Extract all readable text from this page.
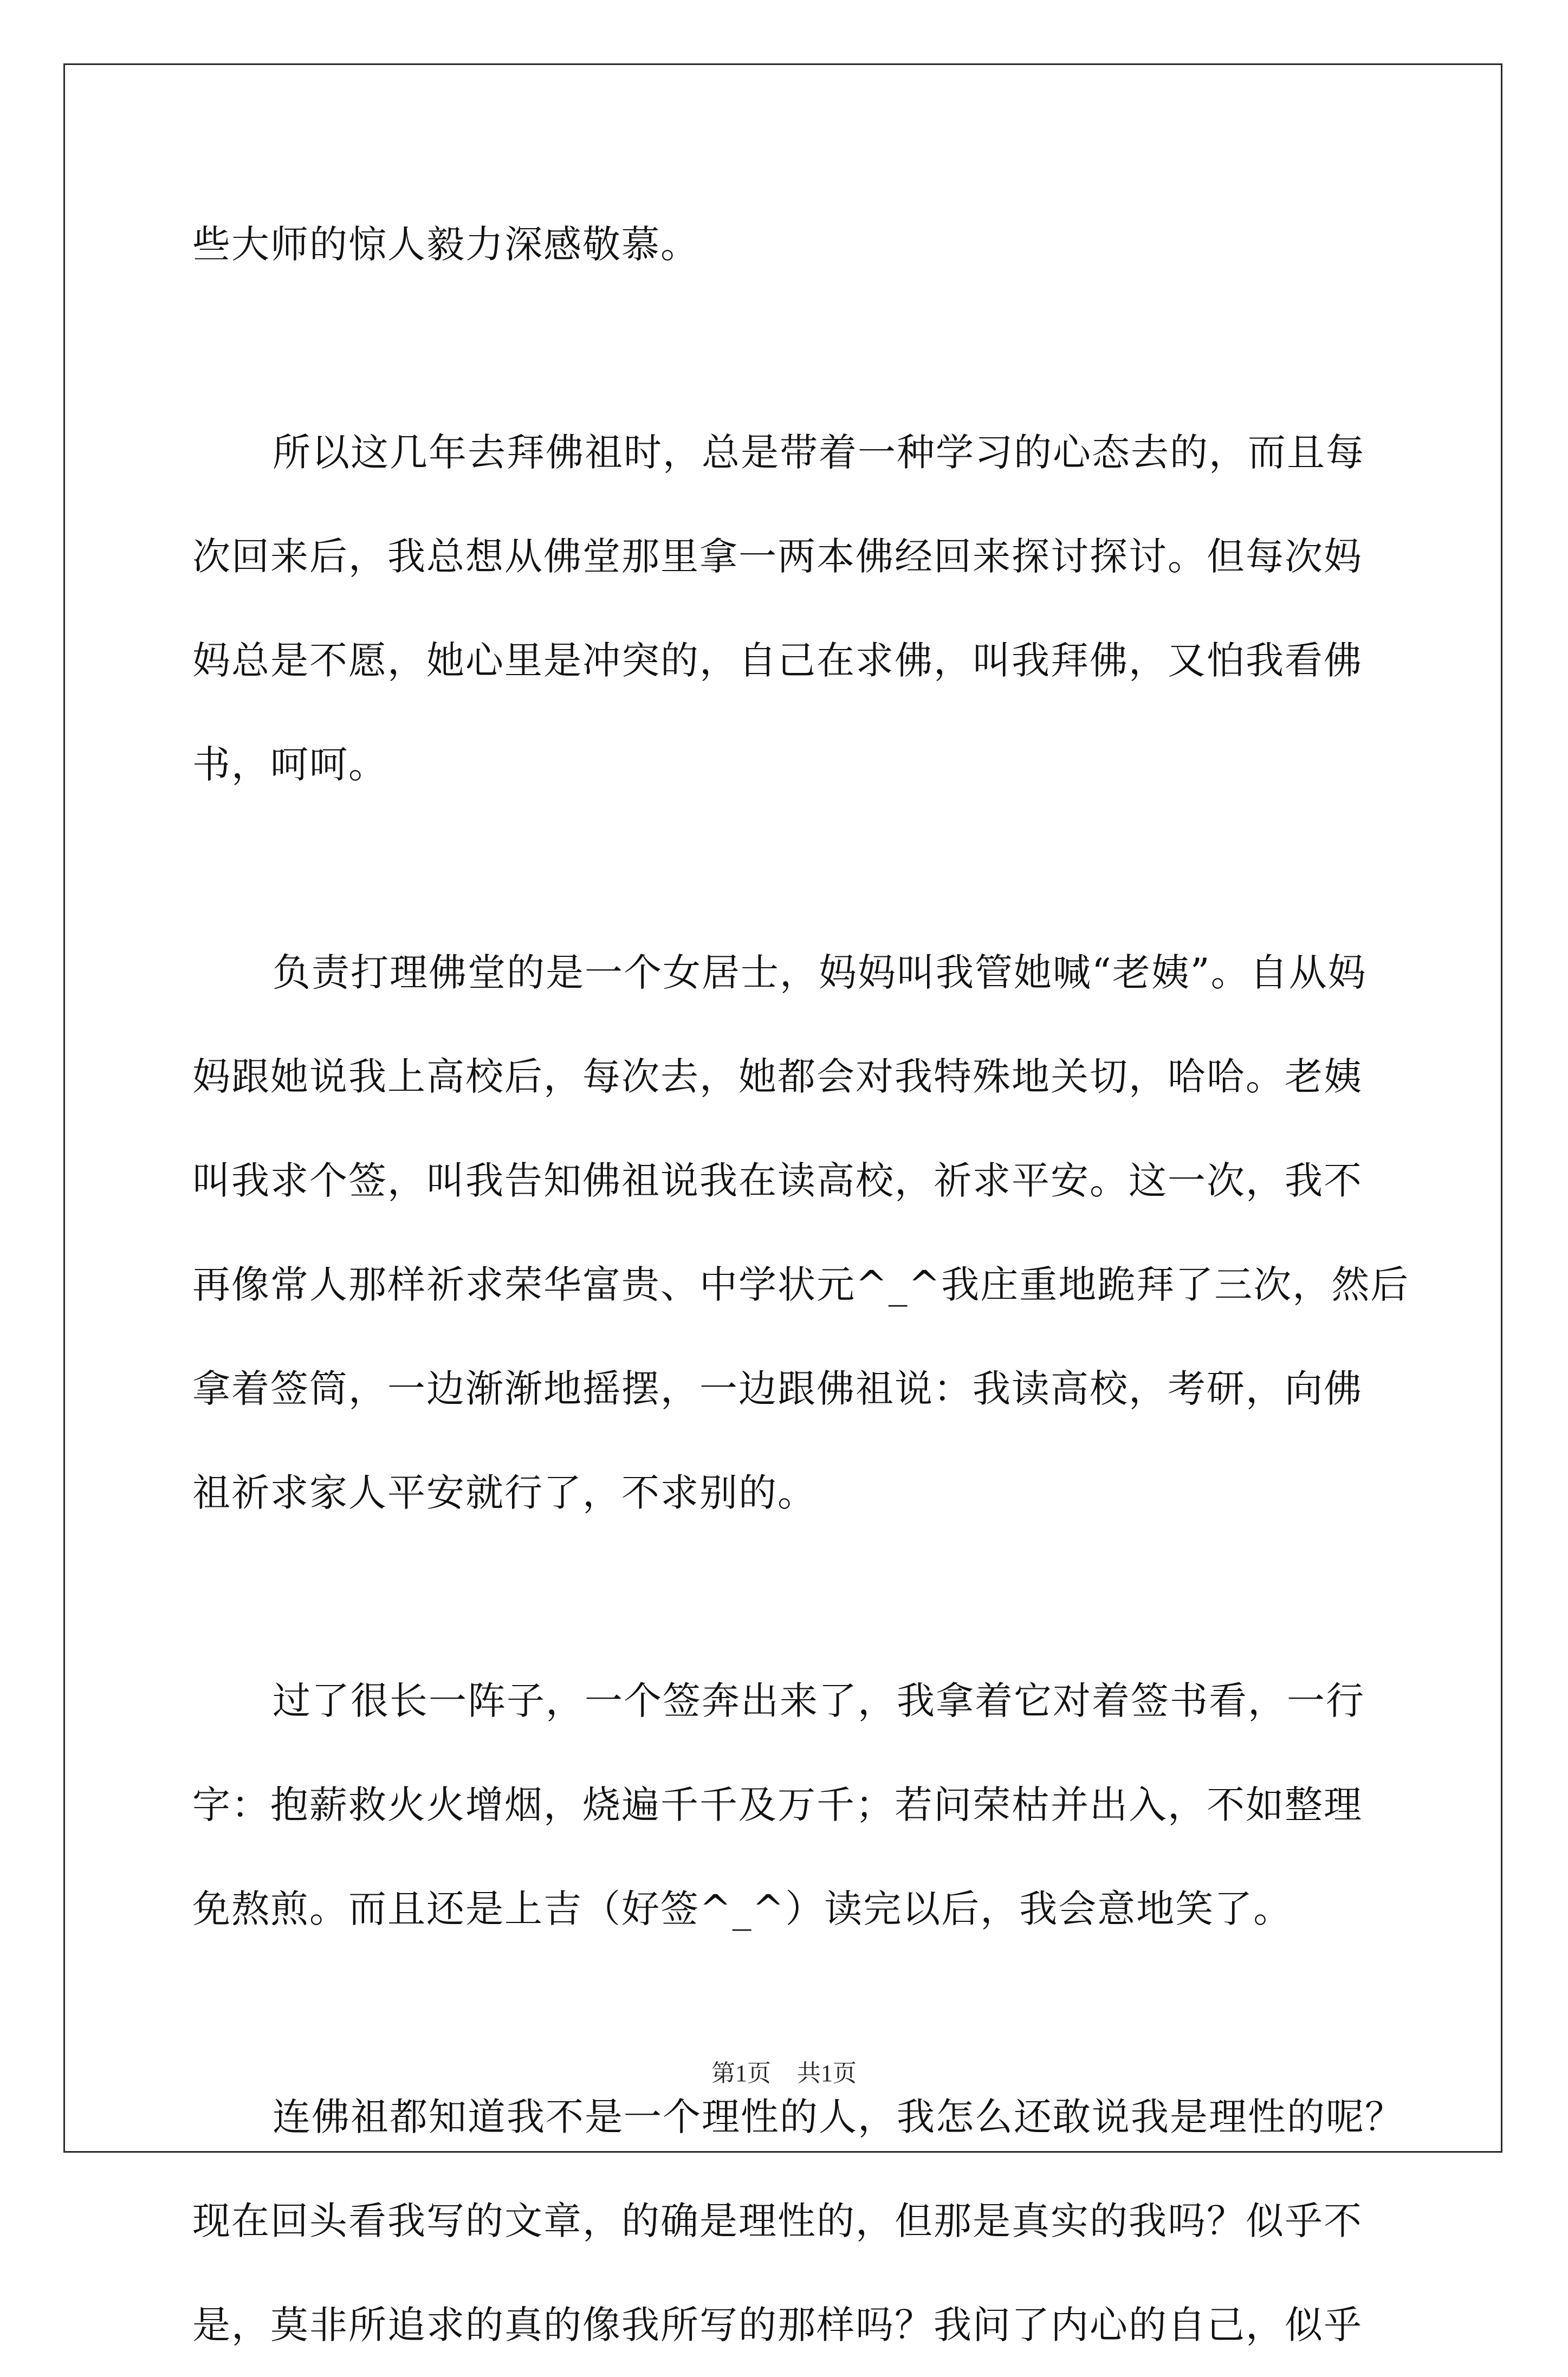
些大师的惊人毅力深感敬慕。
所以这几年去拜佛祖时，总是带着一种学习的心态去的，而且每
次回来后，我总想从佛堂那里拿一两本佛经回来探讨探讨。但每次妈
妈总是不愿，她心里是冲突的，自己在求佛，叫我拜佛，又怕我看佛
书，呵呵。
负责打理佛堂的是一个女居士，妈妈叫我管她喊“老姨”。自从妈
妈跟她说我上高校后，每次去，她都会对我特殊地关切，哈哈。老姨
叫我求个签，叫我告知佛祖说我在读高校，祈求平安。这一次，我不
再像常人那样祈求荣华富贵、中学状元^_^我庄重地跪拜了三次，然后
拿着签筒，一边渐渐地摇摆，一边跟佛祖说：我读高校，考研，向佛
祖祈求家人平安就行了，不求别的。
过了很长一阵子，一个签奔出来了，我拿着它对着签书看，一行
字：抱薪救火火增烟，烧遍千千及万千；若问荣枯并出入，不如整理
免熬煎。而且还是上吉（好签^_^）读完以后，我会意地笑了。
连佛祖都知道我不是一个理性的人，我怎么还敢说我是理性的呢？
现在回头看我写的文章，的确是理性的，但那是真实的我吗？似乎不
是，莫非所追求的真的像我所写的那样吗？我问了内心的自己，似乎
第1页 共1页
